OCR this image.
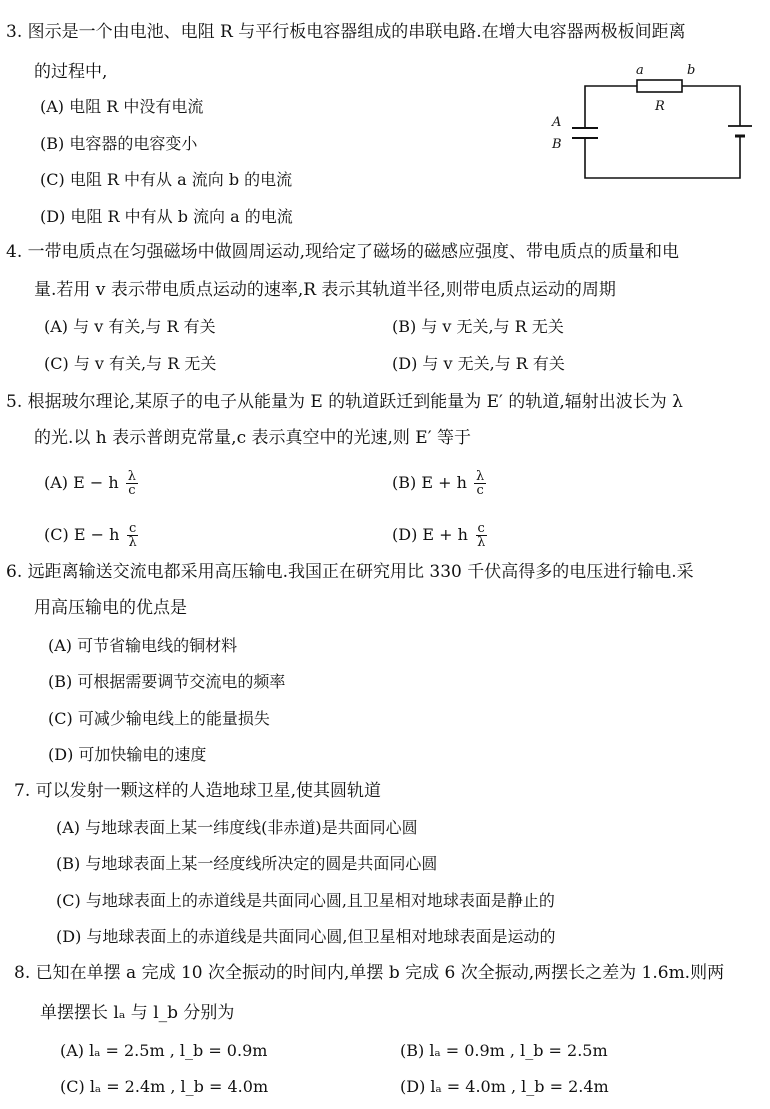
3. 图示是一个由电池、电阻 R 与平行板电容器组成的串联电路.在增大电容器两极板间距离
的过程中,
(A) 电阻 R 中没有电流
(B) 电容器的电容变小
(C) 电阻 R 中有从 a 流向 b 的电流
(D) 电阻 R 中有从 b 流向 a 的电流
a	b
R
A
B
4. 一带电质点在匀强磁场中做圆周运动,现给定了磁场的磁感应强度、带电质点的质量和电
量.若用 v 表示带电质点运动的速率,R 表示其轨道半径,则带电质点运动的周期
(A) 与 v 有关,与 R 有关	(B) 与 v 无关,与 R 无关
(C) 与 v 有关,与 R 无关	(D) 与 v 无关,与 R 有关
5. 根据玻尔理论,某原子的电子从能量为 E 的轨道跃迁到能量为 E′ 的轨道,辐射出波长为 λ
的光.以 h 表示普朗克常量,c 表示真空中的光速,则 E′ 等于
(A) E − h $\frac{\lambda}{c}$	(B) E + h $\frac{\lambda}{c}$
(C) E − h $\frac{c}{\lambda}$	(D) E + h $\frac{c}{\lambda}$
6. 远距离输送交流电都采用高压输电.我国正在研究用比 330 千伏高得多的电压进行输电.采
用高压输电的优点是
(A) 可节省输电线的铜材料
(B) 可根据需要调节交流电的频率
(C) 可减少输电线上的能量损失
(D) 可加快输电的速度
7. 可以发射一颗这样的人造地球卫星,使其圆轨道
(A) 与地球表面上某一纬度线(非赤道)是共面同心圆
(B) 与地球表面上某一经度线所决定的圆是共面同心圆
(C) 与地球表面上的赤道线是共面同心圆,且卫星相对地球表面是静止的
(D) 与地球表面上的赤道线是共面同心圆,但卫星相对地球表面是运动的
8. 已知在单摆 a 完成 10 次全振动的时间内,单摆 b 完成 6 次全振动,两摆长之差为 1.6m.则两
单摆摆长 lₐ 与 l_b 分别为
(A) lₐ = 2.5m , l_b = 0.9m	(B) lₐ = 0.9m , l_b = 2.5m
(C) lₐ = 2.4m , l_b = 4.0m	(D) lₐ = 4.0m , l_b = 2.4m
